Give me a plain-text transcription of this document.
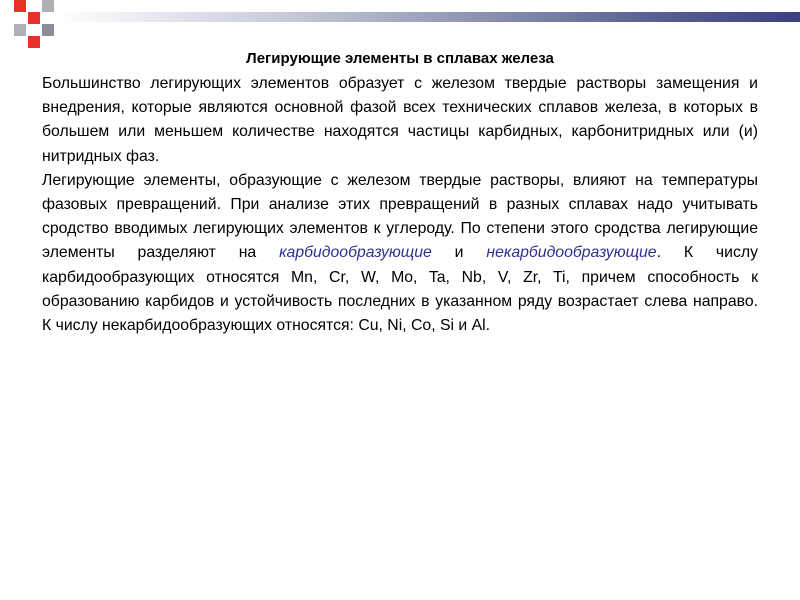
Легирующие элементы в сплавах железа
Большинство легирующих элементов образует с железом твердые растворы замещения и внедрения, которые являются основной фазой всех технических сплавов железа, в которых в большем или меньшем количестве находятся частицы карбидных, карбонитридных или (и) нитридных фаз.
Легирующие элементы, образующие с железом твердые растворы, влияют на температуры фазовых превращений. При анализе этих превращений в разных сплавах надо учитывать сродство вводимых легирующих элементов к углероду. По степени этого сродства легирующие элементы разделяют на карбидообразующие и некарбидообразующие. К числу карбидообразующих относятся Mn, Cr, W, Mo, Ta, Nb, V, Zr, Ti, причем способность к образованию карбидов и устойчивость последних в указанном ряду возрастает слева направо. К числу некарбидообразующих относятся: Cu, Ni, Co, Si и Al.
